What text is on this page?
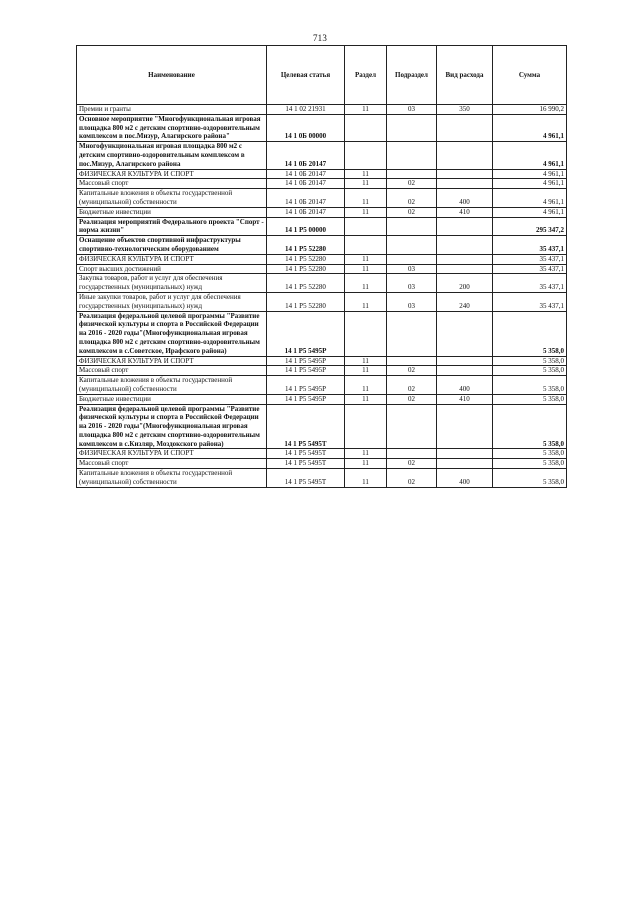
713
Наименование	Целевая статья	Раздел	Подраздел	Вид расхода	Сумма
Премии и гранты	14 1 02 21931	11	03	350	16 990,2
Основное мероприятие "Многофункциональная игровая площадка 800 м2 с детским спортивно-оздоровительным комплексом в пос.Мизур, Алагирского района"	14 1 0Б 00000				4 961,1
Многофункциональная игровая площадка 800 м2 с детским спортивно-оздоровительным комплексом в пос.Мизур, Алагирского района	14 1 0Б 20147				4 961,1
ФИЗИЧЕСКАЯ КУЛЬТУРА И СПОРТ	14 1 0Б 20147	11			4 961,1
Массовый спорт	14 1 0Б 20147	11	02		4 961,1
Капитальные вложения в объекты государственной (муниципальной) собственности	14 1 0Б 20147	11	02	400	4 961,1
Бюджетные инвестиции	14 1 0Б 20147	11	02	410	4 961,1
Реализация мероприятий Федерального проекта "Спорт - норма жизни"	14 1 P5 00000				295 347,2
Оснащение объектов спортивной инфраструктуры спортивно-технологическим оборудованием	14 1 P5 52280				35 437,1
ФИЗИЧЕСКАЯ КУЛЬТУРА И СПОРТ	14 1 P5 52280	11			35 437,1
Спорт высших достижений	14 1 P5 52280	11	03		35 437,1
Закупка товаров, работ и услуг для обеспечения государственных (муниципальных) нужд	14 1 P5 52280	11	03	200	35 437,1
Иные закупки товаров, работ и услуг для обеспечения государственных (муниципальных) нужд	14 1 P5 52280	11	03	240	35 437,1
Реализация федеральной целевой программы "Развитие физической культуры и спорта в Российской Федерации на 2016 - 2020 годы"(Многофункциональная игровая площадка 800 м2 с детским спортивно-оздоровительным комплексом в с.Советское, Ирафского района)	14 1 P5 5495P				5 358,0
ФИЗИЧЕСКАЯ КУЛЬТУРА И СПОРТ	14 1 P5 5495P	11			5 358,0
Массовый спорт	14 1 P5 5495P	11	02		5 358,0
Капитальные вложения в объекты государственной (муниципальной) собственности	14 1 P5 5495P	11	02	400	5 358,0
Бюджетные инвестиции	14 1 P5 5495P	11	02	410	5 358,0
Реализация федеральной целевой программы "Развитие физической культуры и спорта в Российской Федерации на 2016 - 2020 годы"(Многофункциональная игровая площадка 800 м2 с детским спортивно-оздоровительным комплексом в с.Кизляр, Моздокского района)	14 1 P5 5495T				5 358,0
ФИЗИЧЕСКАЯ КУЛЬТУРА И СПОРТ	14 1 P5 5495T	11			5 358,0
Массовый спорт	14 1 P5 5495T	11	02		5 358,0
Капитальные вложения в объекты государственной (муниципальной) собственности	14 1 P5 5495T	11	02	400	5 358,0
